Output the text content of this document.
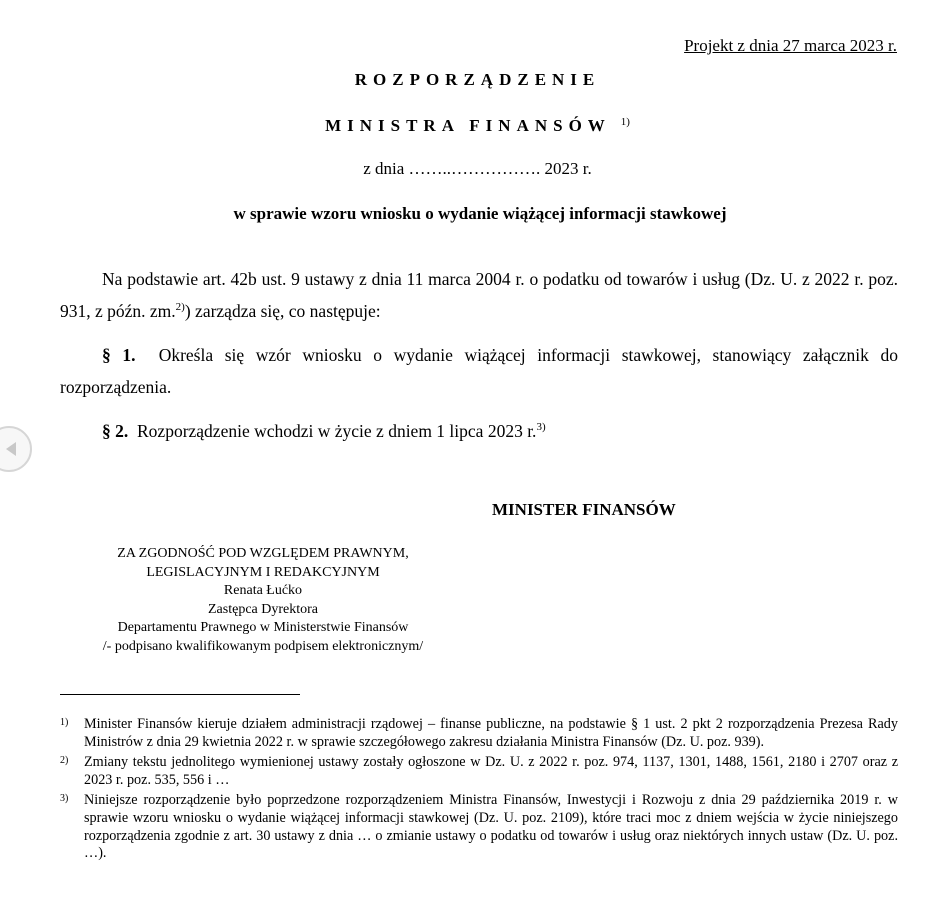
Projekt z dnia 27 marca 2023 r.
ROZPORZĄDZENIE
MINISTRA FINANSÓW $^{1)}$
z dnia ……..……………. 2023 r.
w sprawie wzoru wniosku o wydanie wiążącej informacji stawkowej
Na podstawie art. 42b ust. 9 ustawy z dnia 11 marca 2004 r. o podatku od towarów i usług (Dz. U. z 2022 r. poz. 931, z późn. zm.$^{2)}$) zarządza się, co następuje:
§ 1. Określa się wzór wniosku o wydanie wiążącej informacji stawkowej, stanowiący załącznik do rozporządzenia.
§ 2. Rozporządzenie wchodzi w życie z dniem 1 lipca 2023 r.$^{3)}$
MINISTER FINANSÓW
ZA ZGODNOŚĆ POD WZGLĘDEM PRAWNYM,
LEGISLACYJNYM I REDAKCYJNYM
Renata Łućko
Zastępca Dyrektora
Departamentu Prawnego w Ministerstwie Finansów
/- podpisano kwalifikowanym podpisem elektronicznym/
1) Minister Finansów kieruje działem administracji rządowej – finanse publiczne, na podstawie § 1 ust. 2 pkt 2 rozporządzenia Prezesa Rady Ministrów z dnia 29 kwietnia 2022 r. w sprawie szczegółowego zakresu działania Ministra Finansów (Dz. U. poz. 939).
2) Zmiany tekstu jednolitego wymienionej ustawy zostały ogłoszone w Dz. U. z 2022 r. poz. 974, 1137, 1301, 1488, 1561, 2180 i 2707 oraz z 2023 r. poz. 535, 556 i …
3) Niniejsze rozporządzenie było poprzedzone rozporządzeniem Ministra Finansów, Inwestycji i Rozwoju z dnia 29 października 2019 r. w sprawie wzoru wniosku o wydanie wiążącej informacji stawkowej (Dz. U. poz. 2109), które traci moc z dniem wejścia w życie niniejszego rozporządzenia zgodnie z art. 30 ustawy z dnia … o zmianie ustawy o podatku od towarów i usług oraz niektórych innych ustaw (Dz. U. poz. …).
